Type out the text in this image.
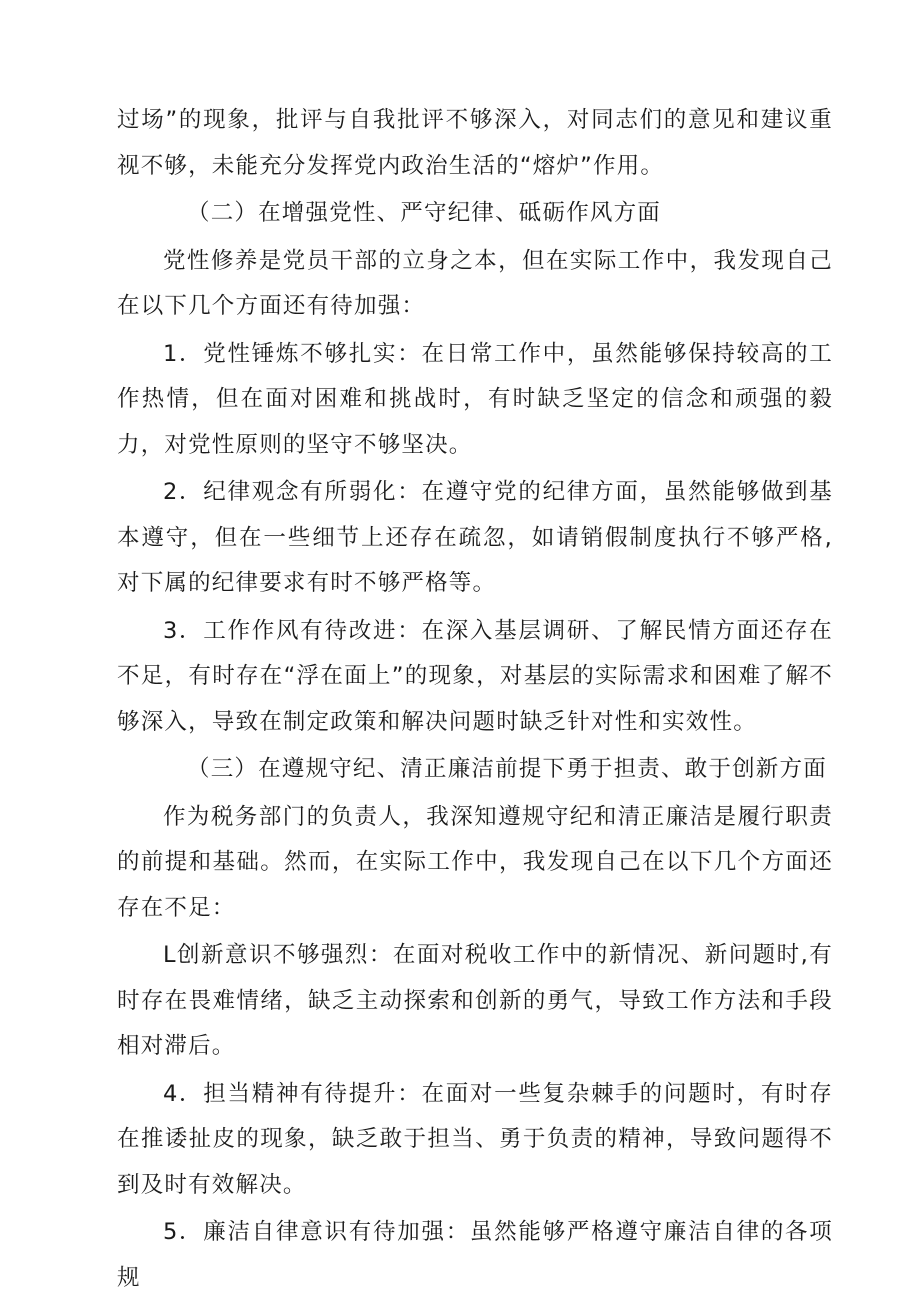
过场”的现象，批评与自我批评不够深入，对同志们的意见和建议重视不够，未能充分发挥党内政治生活的“熔炉”作用。

（二）在增强党性、严守纪律、砥砺作风方面

党性修养是党员干部的立身之本，但在实际工作中，我发现自己在以下几个方面还有待加强：

1．党性锤炼不够扎实：在日常工作中，虽然能够保持较高的工作热情，但在面对困难和挑战时，有时缺乏坚定的信念和顽强的毅力，对党性原则的坚守不够坚决。

2．纪律观念有所弱化：在遵守党的纪律方面，虽然能够做到基本遵守，但在一些细节上还存在疏忽，如请销假制度执行不够严格,对下属的纪律要求有时不够严格等。

3．工作作风有待改进：在深入基层调研、了解民情方面还存在不足，有时存在“浮在面上”的现象，对基层的实际需求和困难了解不够深入，导致在制定政策和解决问题时缺乏针对性和实效性。

（三）在遵规守纪、清正廉洁前提下勇于担责、敢于创新方面

作为税务部门的负责人，我深知遵规守纪和清正廉洁是履行职责的前提和基础。然而，在实际工作中，我发现自己在以下几个方面还存在不足：

L创新意识不够强烈：在面对税收工作中的新情况、新问题时,有时存在畏难情绪，缺乏主动探索和创新的勇气，导致工作方法和手段相对滞后。

4．担当精神有待提升：在面对一些复杂棘手的问题时，有时存在推诿扯皮的现象，缺乏敢于担当、勇于负责的精神，导致问题得不到及时有效解决。

5．廉洁自律意识有待加强：虽然能够严格遵守廉洁自律的各项规
